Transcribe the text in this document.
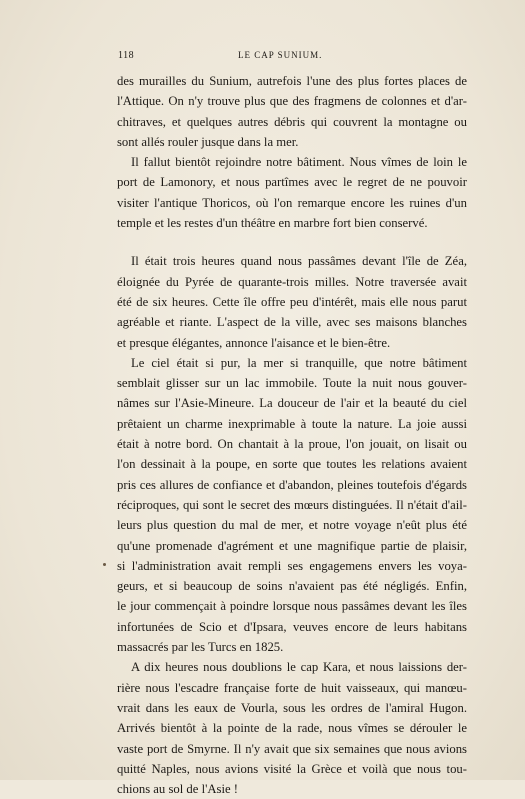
118	LE CAP SUNIUM.

des murailles du Sunium, autrefois l'une des plus fortes places de
l'Attique. On n'y trouve plus que des fragmens de colonnes et d'ar-
chitraves, et quelques autres débris qui couvrent la montagne ou
sont allés rouler jusque dans la mer.

Il fallut bientôt rejoindre notre bâtiment. Nous vîmes de loin le
port de Lamonory, et nous partîmes avec le regret de ne pouvoir
visiter l'antique Thoricos, où l'on remarque encore les ruines d'un
temple et les restes d'un théâtre en marbre fort bien conservé.

Il était trois heures quand nous passâmes devant l'île de Zéa,
éloignée du Pyrée de quarante-trois milles. Notre traversée avait
été de six heures. Cette île offre peu d'intérêt, mais elle nous parut
agréable et riante. L'aspect de la ville, avec ses maisons blanches
et presque élégantes, annonce l'aisance et le bien-être.

Le ciel était si pur, la mer si tranquille, que notre bâtiment
semblait glisser sur un lac immobile. Toute la nuit nous gouver-
nâmes sur l'Asie-Mineure. La douceur de l'air et la beauté du ciel
prêtaient un charme inexprimable à toute la nature. La joie aussi
était à notre bord. On chantait à la proue, l'on jouait, on lisait ou
l'on dessinait à la poupe, en sorte que toutes les relations avaient
pris ces allures de confiance et d'abandon, pleines toutefois d'égards
réciproques, qui sont le secret des mœurs distinguées. Il n'était d'ail-
leurs plus question du mal de mer, et notre voyage n'eût plus été
qu'une promenade d'agrément et une magnifique partie de plaisir,
si l'administration avait rempli ses engagemens envers les voya-
geurs, et si beaucoup de soins n'avaient pas été négligés. Enfin,
le jour commençait à poindre lorsque nous passâmes devant les îles
infortunées de Scio et d'Ipsara, veuves encore de leurs habitans
massacrés par les Turcs en 1825.

A dix heures nous doublions le cap Kara, et nous laissions der-
rière nous l'escadre française forte de huit vaisseaux, qui manœu-
vrait dans les eaux de Vourla, sous les ordres de l'amiral Hugon.
Arrivés bientôt à la pointe de la rade, nous vîmes se dérouler le
vaste port de Smyrne. Il n'y avait que six semaines que nous avions
quitté Naples, nous avions visité la Grèce et voilà que nous tou-
chions au sol de l'Asie !
